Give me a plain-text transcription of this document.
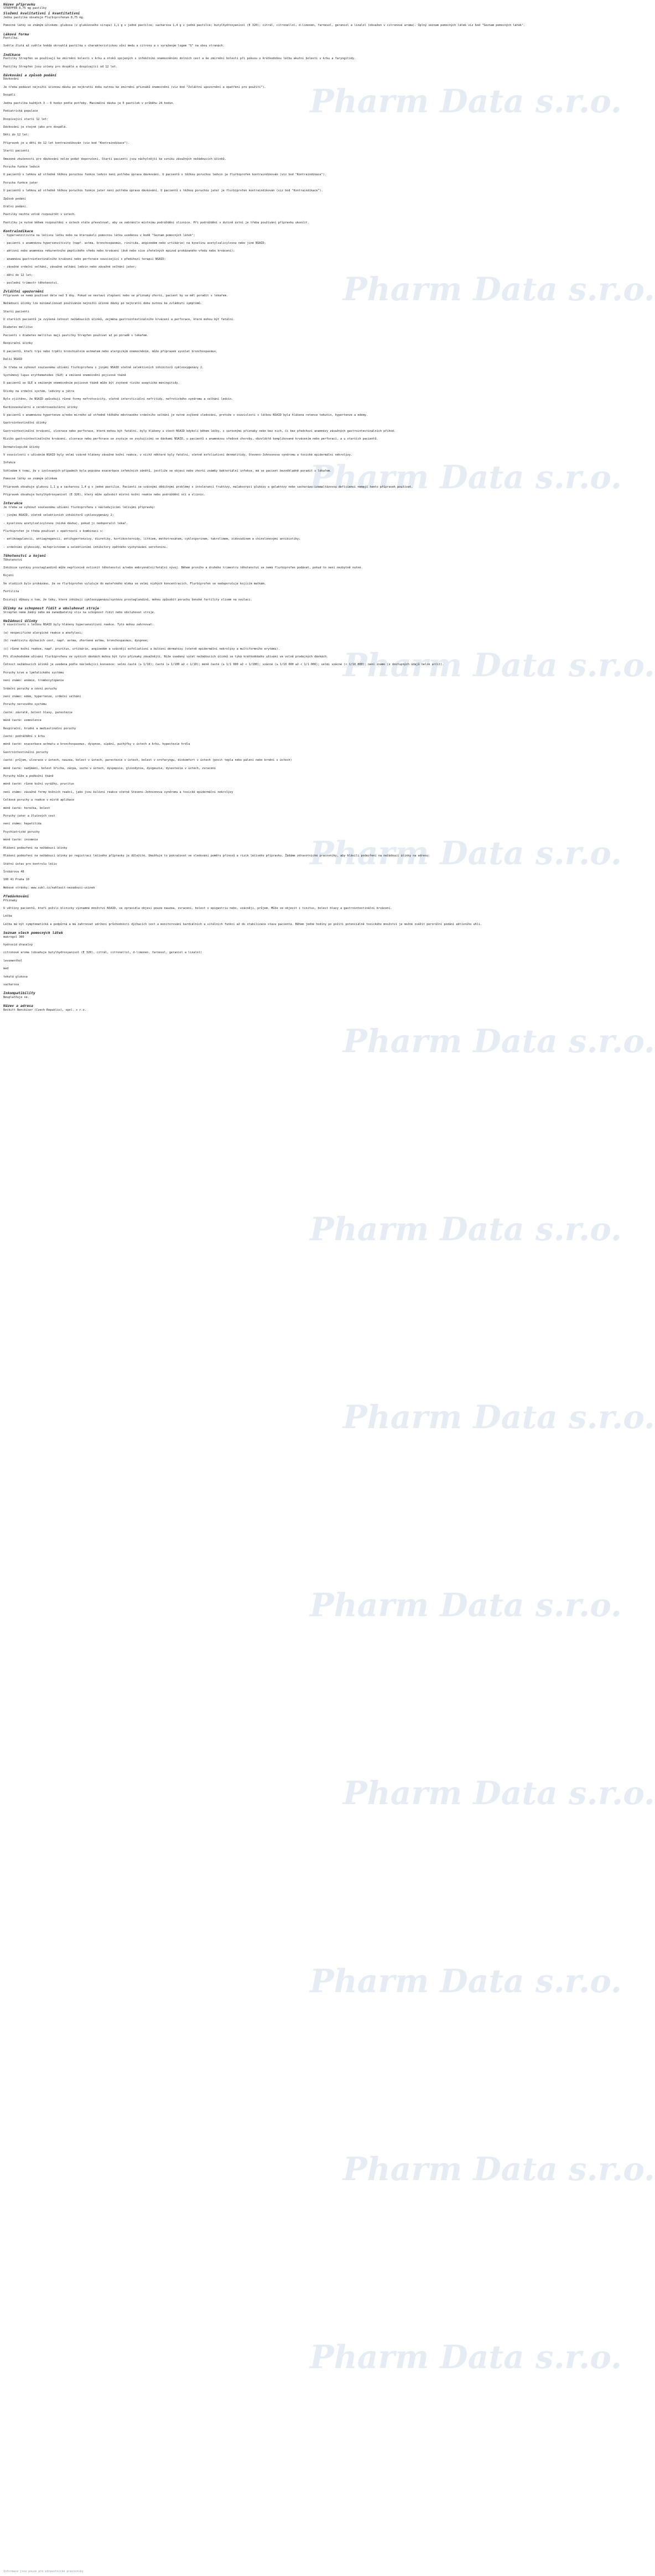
Pharm Data s.r.o.
Pharm Data s.r.o.
Pharm Data s.r.o.
Pharm Data s.r.o.
Pharm Data s.r.o.
Pharm Data s.r.o.
Pharm Data s.r.o.
Pharm Data s.r.o.
Pharm Data s.r.o.
Pharm Data s.r.o.
Pharm Data s.r.o.
Pharm Data s.r.o.
Pharm Data s.r.o.
Název přípravku
STREPFEN 8,75 mg pastilky
Složení kvalitativní i kvantitativní
Jedna pastilka obsahuje Flurbiprofenum 8,75 mg.
Pomocné látky se známým účinkem: glukosa (z glukózového sirupu) 1,1 g v jedné pastilce; sacharosa 1,4 g v jedné pastilce; butylhydroxyanisol (E 320); citrál, citronellol, d-limonen, farnesol, geraniol a linalol (obsažen v citronové aroma). Úplný seznam pomocných látek viz bod "Seznam pomocných látek".
Léková forma
Pastilka.
Světle žlutá až světle hnědá okrouhlá pastilka s charakteristickou vůní medu a citronu a s vyraženým logem "S" na obou stranách.
Indikace
Pastilky Strepfen se používají ke zmírnění bolesti v krku a otoků spojených s infekčními onemocněními dolních cest a ke zmírnění bolesti při pokusu o krátkodobou léčbu akutní bolesti v krku a faryngitidy.
Pastilky Strepfen jsou určeny pro dospělé a dospívající od 12 let.
Dávkování a způsob podání
Dávkování
Je třeba podávat nejnižší účinnou dávku po nejkratší dobu nutnou ke zmírnění příznaků onemocnění (viz bod "Zvláštní upozornění a opatření pro použití").
Dospělí
Jedna pastilka každých 3 – 6 hodin podle potřeby. Maximální dávka je 5 pastilek v průběhu 24 hodin.
Pediatrická populace
Dospívající starší 12 let:
Dávkování je stejné jako pro dospělé.
Děti do 12 let:
Přípravek je u dětí do 12 let kontraindikován (viz bod "Kontraindikace").
Starší pacienti
Omezené zkušenosti pro dávkování nelze podat doporučení. Starší pacienti jsou náchylnější ke vzniku závažných nežádoucích účinků.
Porucha funkce ledvin
U pacientů s lehkou až středně těžkou poruchou funkce ledvin není potřeba úprava dávkování. U pacientů s těžkou poruchou ledvin je flurbiprofen kontraindikován (viz bod "Kontraindikace").
Porucha funkce jater
U pacientů s lehkou až středně těžkou poruchou funkce jater není potřeba úprava dávkování. U pacientů s těžkou poruchou jater je flurbiprofen kontraindikován (viz bod "Kontraindikace").
Způsob podání
Orální podání.
Pastilky nechte volně rozpouštět v ústech.
Pastilku je nutné během rozpouštění v ústech stále převalovat, aby se zabránilo místnímu podráždění sliznice. Při podráždění v dutině ústní je třeba používání přípravku ukončit.
Kontraindikace
- hypersenzitivita na léčivou látku nebo na kteroukoli pomocnou látku uvedenou v bodě "Seznam pomocných látek";
- pacienti s anamnézou hypersenzitivity (např. astma, bronchospasmus, rinitida, angioedém nebo urtikárie) na kyselinu acetylsalicylovou nebo jiné NSAID;
- aktivní nebo anamnéza rekurentního peptického vředu nebo krvácení (dvě nebo více zřetelných epizod prokázaného vředu nebo krvácení);
- anamnéza gastrointestinálního krvácení nebo perforace související s předchozí terapií NSAID;
- závažné srdeční selhání, závažné selhání ledvin nebo závažné selhání jater;
- děti do 12 let;
- poslední trimestr těhotenství.
Zvláštní upozornění
Přípravek se nemá používat déle než 3 dny. Pokud se nestaví zlepšení nebo se příznaky zhorší, pacient by se měl poradit s lékařem.
Nežádoucí účinky lze minimalizovat používáním nejnižší účinné dávky po nejkratší dobu nutnou ke zvládnutí symptomů.
Starší pacienti
U starších pacientů je zvýšená četnost nežádoucích účinků, zejména gastrointestinálního krvácení a perforace, které mohou být fatální.
Diabetes mellitus
Pacienti s diabetes mellitus mají pastilky Strepfen používat až po poradě s lékařem.
Respirační účinky
U pacientů, kteří trpí nebo trpěli bronchiálním astmatem nebo alergickým onemocněním, může přípravek vyvolat bronchospasmus.
Další NSAID
Je třeba se vyhnout současnému užívání flurbiprofenu s jinými NSAID včetně selektivních inhibitorů cyklooxygenázy 2.
Systémový lupus erythematodes (SLE) a smíšené onemocnění pojivové tkáně
U pacientů se SLE a smíšeným onemocněním pojivové tkáně může být zvýšené riziko aseptické meningitidy.
Účinky na srdeční systém, ledviny a játra
Bylo zjištěno, že NSAID způsobují různé formy nefrotoxicity, včetně intersticiální nefritidy, nefrotického syndromu a selhání ledvin.
Kardiovaskulární a cerebrovaskulární účinky
U pacientů s anamnézou hypertenze a/nebo mírného až středně těžkého městnavého srdečního selhání je nutné zvýšené sledování, protože v souvislosti s léčbou NSAID byla hlášena retence tekutin, hypertenze a edémy.
Gastrointestinální účinky
Gastrointestinální krvácení, ulcerace nebo perforace, které mohou být fatální, byly hlášeny u všech NSAID kdykoli během léčby, s varovnými příznaky nebo bez nich, či bez předchozí anamnézy závažných gastrointestinálních příhod.
Riziko gastrointestinálního krvácení, ulcerace nebo perforace se zvyšuje se zvyšujícími se dávkami NSAID, u pacientů s anamnézou vředové choroby, obzvláště komplikované krvácením nebo perforací, a u starších pacientů.
Dermatologické účinky
V souvislosti s užíváním NSAID byly velmi vzácně hlášeny závažné kožní reakce, z nichž některé byly fatální, včetně exfoliativní dermatitidy, Stevens-Johnsonova syndromu a toxické epidermální nekrolýzy.
Infekce
Vzhledem k tomu, že v izolovaných případech byla popsána exacerbace infekčních zánětů, jestliže se objeví nebo zhorší známky bakteriální infekce, má se pacient bezodkladně poradit s lékařem.
Pomocné látky se známým účinkem
Přípravek obsahuje glukosu 1,1 g a sacharosu 1,4 g v jedné pastilce. Pacienti se vzácnými dědičnými problémy s intolerancí fruktózy, malabsorpcí glukózy a galaktózy nebo sacharázo-izomaltázovou deficiencí nemají tento přípravek používat.
Přípravek obsahuje butylhydroxyanisol (E 320), který může způsobit místní kožní reakce nebo podráždění očí a sliznic.
Interakce
Je třeba se vyhnout současnému užívání flurbiprofenu s následujícími léčivými přípravky:
- jinými NSAID, včetně selektivních inhibitorů cyklooxygenázy 2;
- kyselinou acetylsalicylovou (nízká dávka), pokud ji nedoporučil lékař.
Flurbiprofen je třeba používat s opatrností v kombinaci s:
- antikoagulancii, antiagregancii, antihypertenzivy, diuretiky, kortikosteroidy, lithiem, methotrexátem, cyklosporinem, takrolimem, zidovudinem a chinolonovými antibiotiky;
- srdečními glykosidy, mifepristonem a selektivními inhibitory zpětného vychytávání serotoninu.
Těhotenství a kojení
Těhotenství
Inhibice syntézy prostaglandinů může nepříznivě ovlivnit těhotenství a/nebo embryonální/fetální vývoj. Během prvního a druhého trimestru těhotenství se nemá flurbiprofen podávat, pokud to není nezbytně nutné.
Kojení
Ve studiích bylo prokázáno, že se flurbiprofen vylučuje do mateřského mléka ve velmi nízkých koncentracích. Flurbiprofen se nedoporučuje kojícím matkám.
Fertilita
Existují důkazy o tom, že léky, které inhibují cyklooxygenázu/syntézu prostaglandinů, mohou způsobit poruchu ženské fertility vlivem na ovulaci.
Účinky na schopnost řídit a obsluhovat stroje
Strepfen nemá žádný nebo má zanedbatelný vliv na schopnost řídit nebo obsluhovat stroje.
Nežádoucí účinky
V souvislosti s léčbou NSAID byly hlášeny hypersenzitivní reakce. Tyto mohou zahrnovat:
(a) nespecifické alergické reakce a anafylaxi;
(b) reaktivitu dýchacích cest, např. astma, zhoršené astma, bronchospasmus, dyspnoe;
(c) různé kožní reakce, např. pruritus, urtikárie, angioedém a vzácněji exfoliativní a bulózní dermatózy (včetně epidermální nekrolýzy a multiformního erytému).
Při dlouhodobém užívání flurbiprofenu ve vyšších dávkách mohou být tyto příznaky závažnější. Níže uvedený výčet nežádoucích účinků se týká krátkodobého užívání ve volně prodejných dávkách.
Četnost nežádoucích účinků je uvedena podle následující konvence: velmi časté (≥ 1/10); časté (≥ 1/100 až < 1/10); méně časté (≥ 1/1 000 až < 1/100); vzácné (≥ 1/10 000 až < 1/1 000); velmi vzácné (< 1/10 000); není známo (z dostupných údajů nelze určit).
Poruchy krve a lymfatického systému
není známo: anémie, trombocytopenie
Srdeční poruchy a cévní poruchy
není známo: edém, hypertenze, srdeční selhání
Poruchy nervového systému
časté: závratě, bolest hlavy, parestezie
méně časté: somnolence
Respirační, hrudní a mediastinální poruchy
časté: podráždění v krku
méně časté: exacerbace astmatu a bronchospasmus, dyspnoe, sípání, puchýřky v ústech a krku, hypestezie hrdla
Gastrointestinální poruchy
časté: průjem, ulcerace v ústech, nauzea, bolest v ústech, parestezie v ústech, bolest v orofaryngu, diskomfort v ústech (pocit tepla nebo pálení nebo brnění v ústech)
méně časté: nadýmání, bolest břicha, zácpa, sucho v ústech, dyspepsie, glosodynie, dysgeuzie, dysestezie v ústech, zvracení
Poruchy kůže a podkožní tkáně
méně časté: různé kožní vyrážky, pruritus
není známo: závažné formy kožních reakcí, jako jsou bulózní reakce včetně Stevens-Johnsonova syndromu a toxické epidermální nekrolýzy
Celkové poruchy a reakce v místě aplikace
méně časté: horečka, bolest
Poruchy jater a žlučových cest
není známo: hepatitida
Psychiatrické poruchy
méně časté: insomnie
Hlášení podezření na nežádoucí účinky
Hlášení podezření na nežádoucí účinky po registraci léčivého přípravku je důležité. Umožňuje to pokračovat ve sledování poměru přínosů a rizik léčivého přípravku. Žádáme zdravotnické pracovníky, aby hlásili podezření na nežádoucí účinky na adresu:
Státní ústav pro kontrolu léčiv
Šrobárova 48
100 41 Praha 10
Webové stránky: www.sukl.cz/nahlasit-nezadouci-ucinek
Předávkování
Příznaky
U většiny pacientů, kteří požili klinicky významné množství NSAID, se zpravidla objeví pouze nauzea, zvracení, bolest v epigastriu nebo, vzácněji, průjem. Může se objevit i tinitus, bolest hlavy a gastrointestinální krvácení.
Léčba
Léčba má být symptomatická a podpůrná a má zahrnovat udržení průchodnosti dýchacích cest a monitorování kardiálních a vitálních funkcí až do stabilizace stavu pacienta. Během jedné hodiny po požití potenciálně toxického množství je možné zvážit perorální podání aktivního uhlí.
Seznam všech pomocných látek
makrogol 300
hydroxid draselný
citronové aroma (obsahuje butylhydroxyanisol (E 320), citrál, citronellol, d-limonen, farnesol, geraniol a linalol)
levomenthol
med
tekutá glukosa
sacharosa
Inkompatibility
Neuplatňuje se.
Název a adresa
Reckitt Benckiser (Czech Republic), spol. s r.o.
Informace jsou pouze pro zdravotnické pracovníky
